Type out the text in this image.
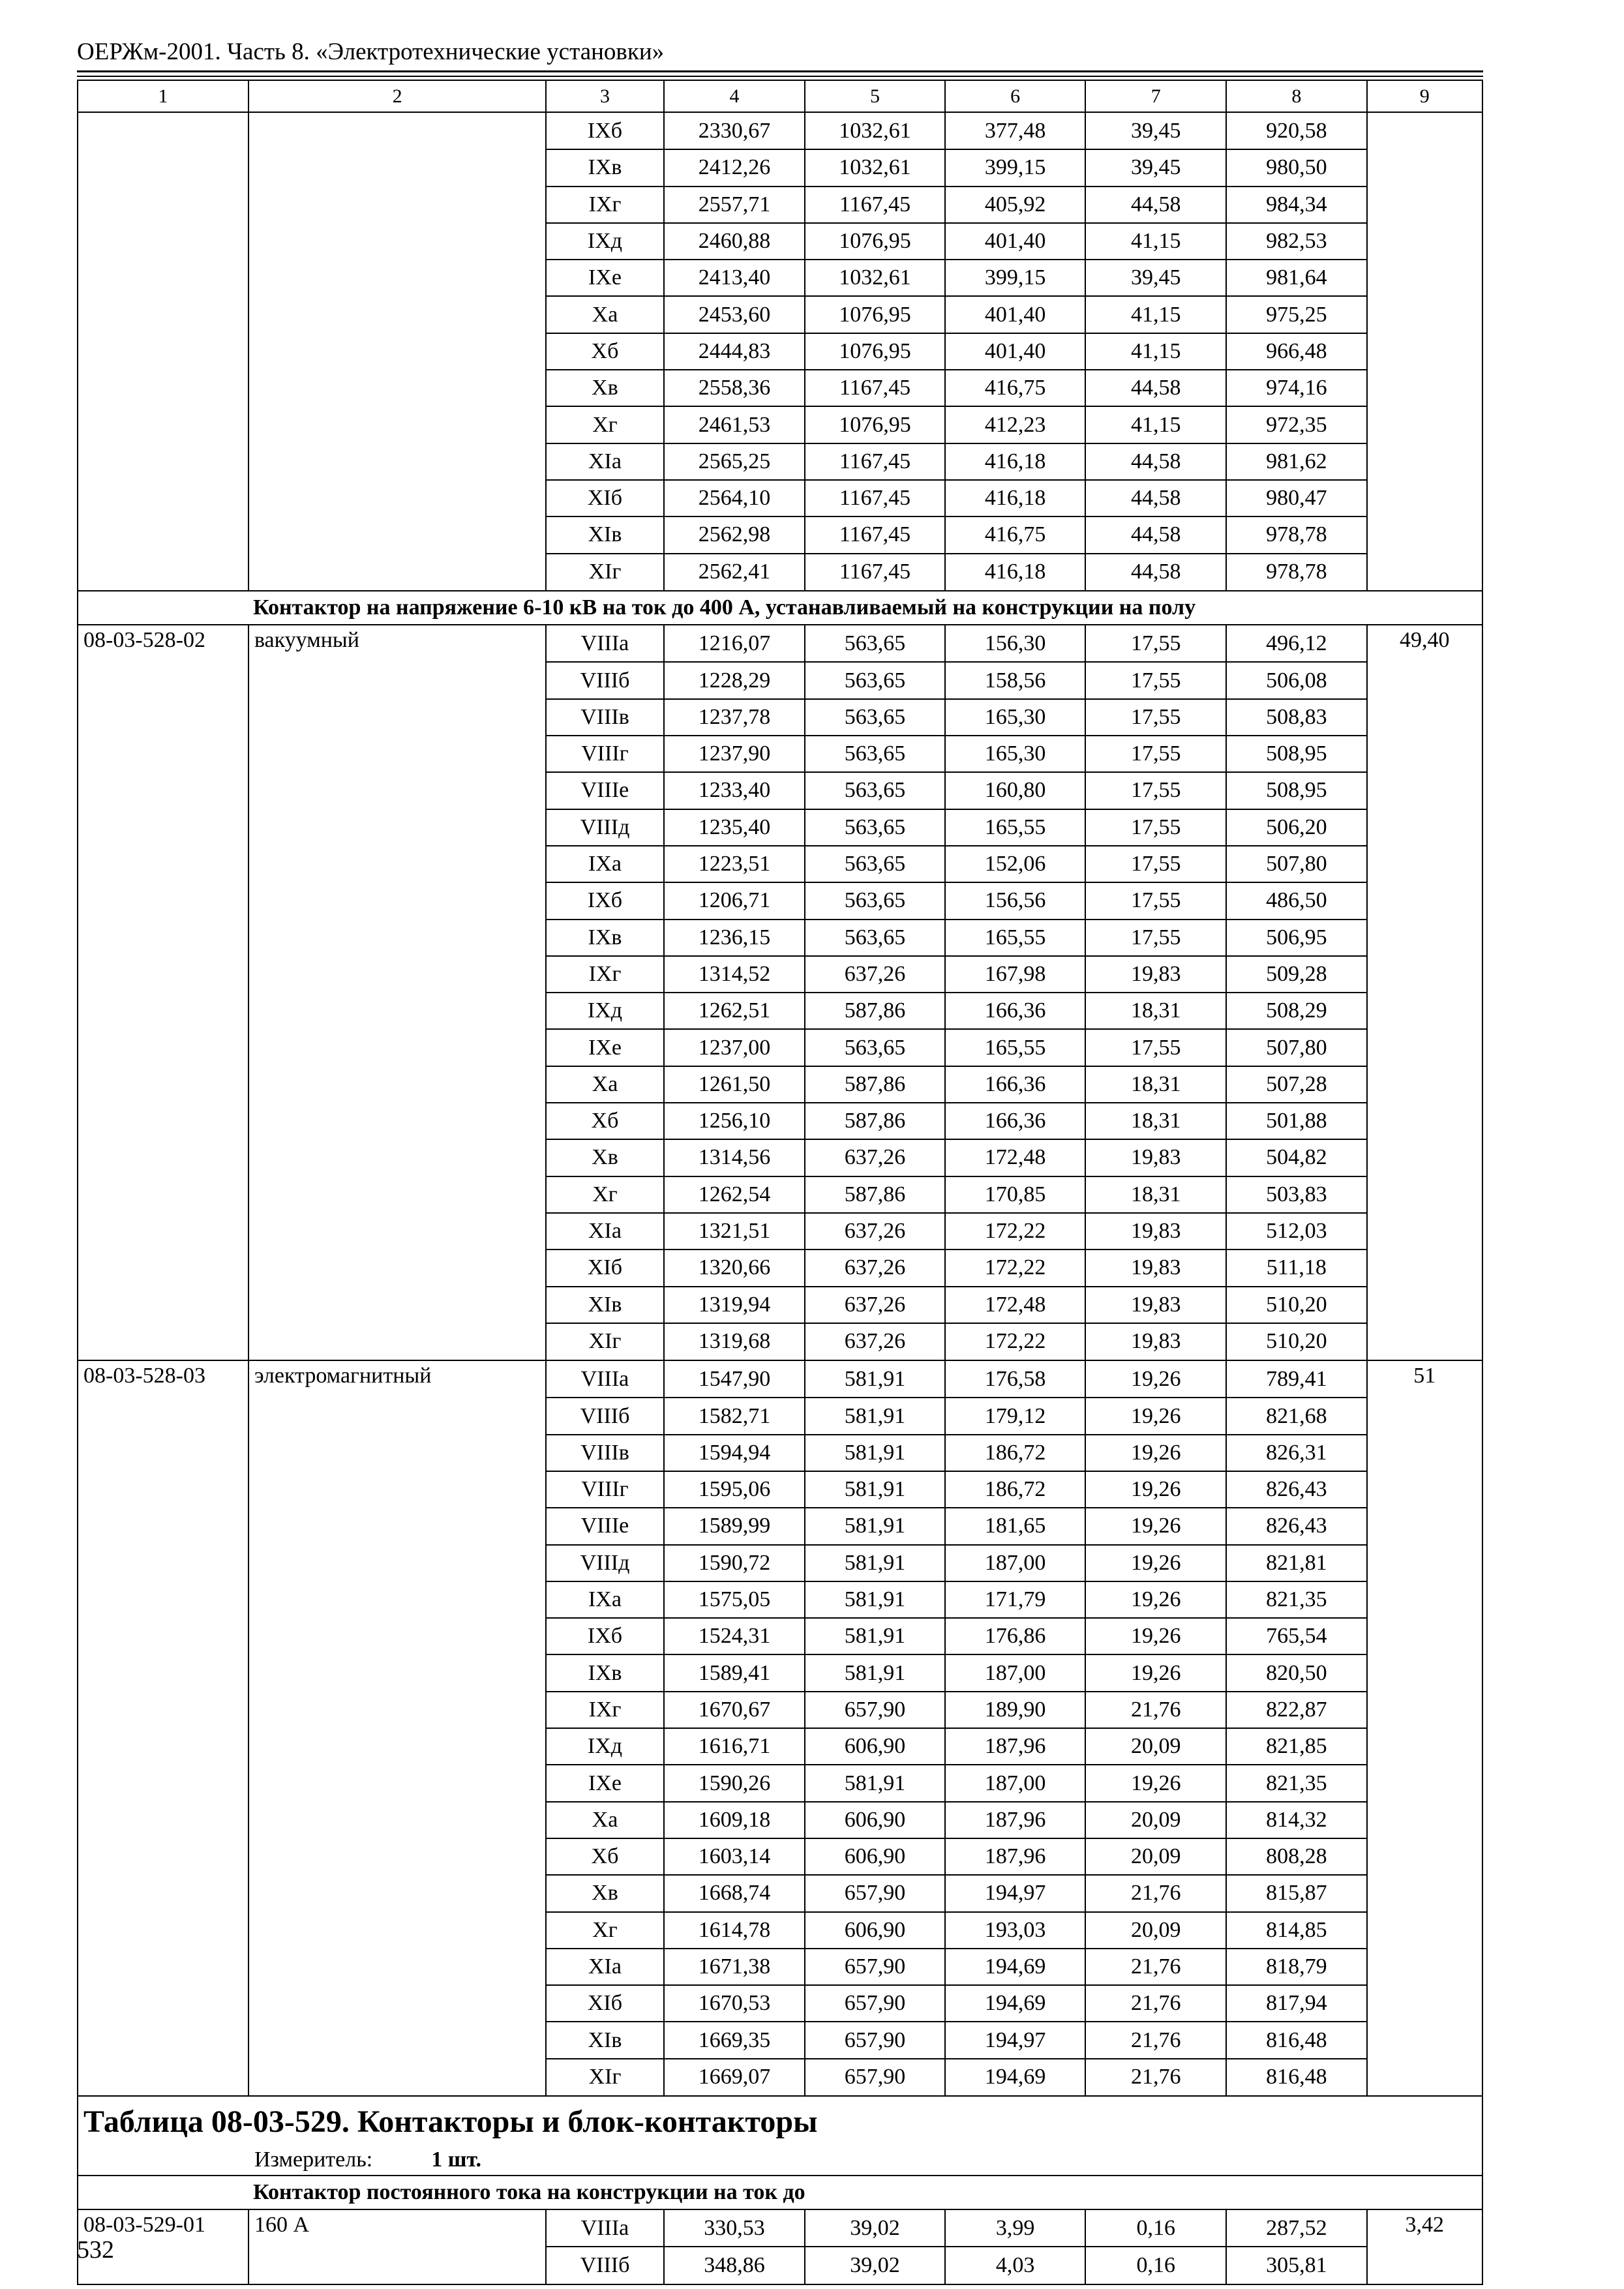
ОЕРЖм-2001. Часть 8. «Электротехнические установки»
1	2	3	4	5	6	7	8	9
		IXб	2330,67	1032,61	377,48	39,45	920,58	
		IXв	2412,26	1032,61	399,15	39,45	980,50	
		IXг	2557,71	1167,45	405,92	44,58	984,34	
		IXд	2460,88	1076,95	401,40	41,15	982,53	
		IXe	2413,40	1032,61	399,15	39,45	981,64	
		Xa	2453,60	1076,95	401,40	41,15	975,25	
		Xб	2444,83	1076,95	401,40	41,15	966,48	
		Xв	2558,36	1167,45	416,75	44,58	974,16	
		Xг	2461,53	1076,95	412,23	41,15	972,35	
		XIa	2565,25	1167,45	416,18	44,58	981,62	
		XIб	2564,10	1167,45	416,18	44,58	980,47	
		XIв	2562,98	1167,45	416,75	44,58	978,78	
		XIг	2562,41	1167,45	416,18	44,58	978,78	
Контактор на напряжение 6-10 кВ на ток до 400 А, устанавливаемый на конструкции на полу								
08-03-528-02	вакуумный	VIIIa	1216,07	563,65	156,30	17,55	496,12	49,40
		VIIIб	1228,29	563,65	158,56	17,55	506,08	
		VIIIв	1237,78	563,65	165,30	17,55	508,83	
		VIIIг	1237,90	563,65	165,30	17,55	508,95	
		VIIIe	1233,40	563,65	160,80	17,55	508,95	
		VIIIд	1235,40	563,65	165,55	17,55	506,20	
		IXa	1223,51	563,65	152,06	17,55	507,80	
		IXб	1206,71	563,65	156,56	17,55	486,50	
		IXв	1236,15	563,65	165,55	17,55	506,95	
		IXг	1314,52	637,26	167,98	19,83	509,28	
		IXд	1262,51	587,86	166,36	18,31	508,29	
		IXe	1237,00	563,65	165,55	17,55	507,80	
		Xa	1261,50	587,86	166,36	18,31	507,28	
		Xб	1256,10	587,86	166,36	18,31	501,88	
		Xв	1314,56	637,26	172,48	19,83	504,82	
		Xг	1262,54	587,86	170,85	18,31	503,83	
		XIa	1321,51	637,26	172,22	19,83	512,03	
		XIб	1320,66	637,26	172,22	19,83	511,18	
		XIв	1319,94	637,26	172,48	19,83	510,20	
		XIг	1319,68	637,26	172,22	19,83	510,20	
08-03-528-03	электромагнитный	VIIIa	1547,90	581,91	176,58	19,26	789,41	51
		VIIIб	1582,71	581,91	179,12	19,26	821,68	
		VIIIв	1594,94	581,91	186,72	19,26	826,31	
		VIIIг	1595,06	581,91	186,72	19,26	826,43	
		VIIIe	1589,99	581,91	181,65	19,26	826,43	
		VIIIд	1590,72	581,91	187,00	19,26	821,81	
		IXa	1575,05	581,91	171,79	19,26	821,35	
		IXб	1524,31	581,91	176,86	19,26	765,54	
		IXв	1589,41	581,91	187,00	19,26	820,50	
		IXг	1670,67	657,90	189,90	21,76	822,87	
		IXд	1616,71	606,90	187,96	20,09	821,85	
		IXe	1590,26	581,91	187,00	19,26	821,35	
		Xa	1609,18	606,90	187,96	20,09	814,32	
		Xб	1603,14	606,90	187,96	20,09	808,28	
		Xв	1668,74	657,90	194,97	21,76	815,87	
		Xг	1614,78	606,90	193,03	20,09	814,85	
		XIa	1671,38	657,90	194,69	21,76	818,79	
		XIб	1670,53	657,90	194,69	21,76	817,94	
		XIв	1669,35	657,90	194,97	21,76	816,48	
		XIг	1669,07	657,90	194,69	21,76	816,48	

Таблица 08-03-529. Контакторы и блок-контакторы
Измеритель: 1 шт.								

Контактор постоянного тока на конструкции на ток до								
08-03-529-01	160 А	VIIIa	330,53	39,02	3,99	0,16	287,52	3,42
		VIIIб	348,86	39,02	4,03	0,16	305,81	
532
